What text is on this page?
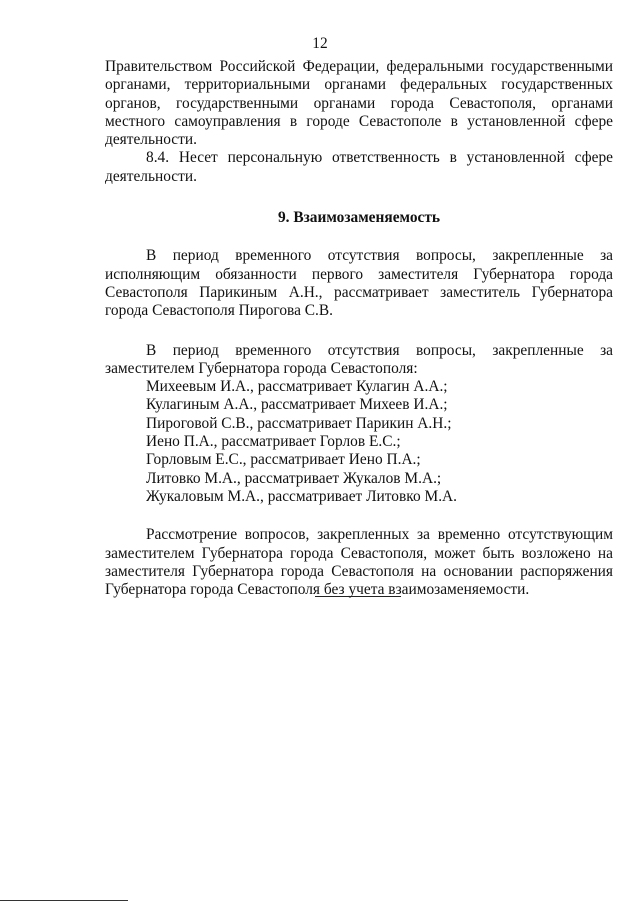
12

Правительством Российской Федерации, федеральными государственными органами, территориальными органами федеральных государственных органов, государственными органами города Севастополя, органами местного самоуправления в городе Севастополе в установленной сфере деятельности.

8.4. Несет персональную ответственность в установленной сфере деятельности.

9. Взаимозаменяемость

В период временного отсутствия вопросы, закрепленные за исполняющим обязанности первого заместителя Губернатора города Севастополя Парикиным А.Н., рассматривает заместитель Губернатора города Севастополя Пирогова С.В.

В период временного отсутствия вопросы, закрепленные за заместителем Губернатора города Севастополя:

Михеевым И.А., рассматривает Кулагин А.А.;
Кулагиным А.А., рассматривает Михеев И.А.;
Пироговой С.В., рассматривает Парикин А.Н.;
Иено П.А., рассматривает Горлов Е.С.;
Горловым Е.С., рассматривает Иено П.А.;
Литовко М.А., рассматривает Жукалов М.А.;
Жукаловым М.А., рассматривает Литовко М.А.

Рассмотрение вопросов, закрепленных за временно отсутствующим заместителем Губернатора города Севастополя, может быть возложено на заместителя Губернатора города Севастополя на основании распоряжения Губернатора города Севастополя без учета взаимозаменяемости.
